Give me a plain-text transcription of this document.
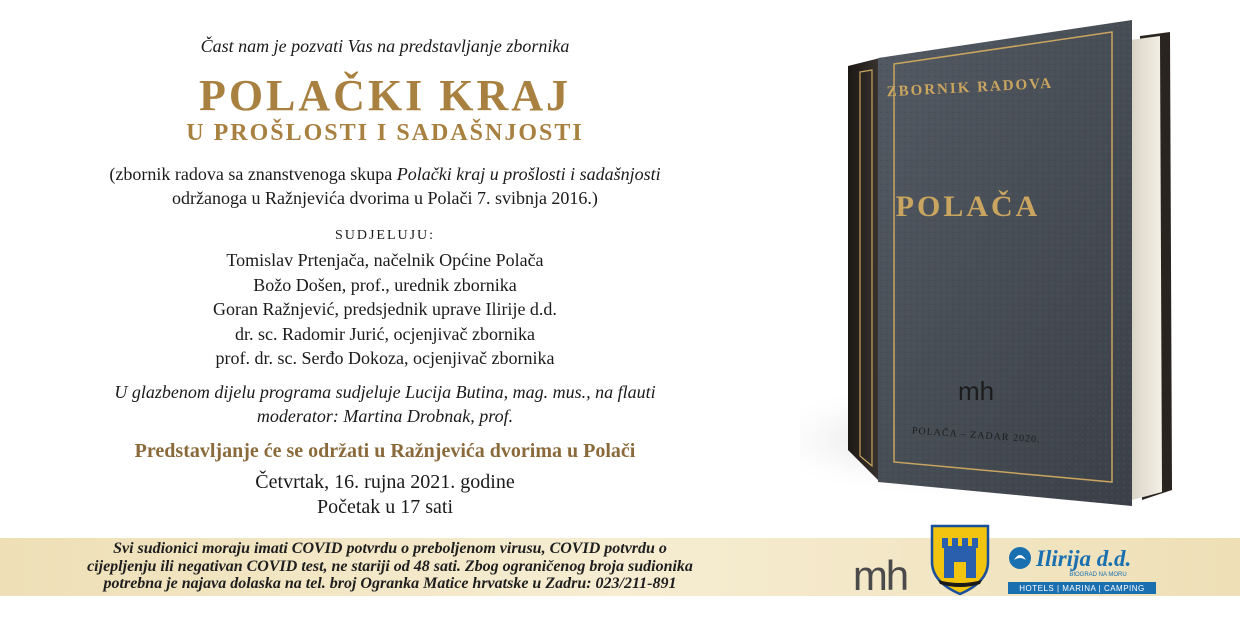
Čast nam je pozvati Vas na predstavljanje zbornika
POLAČKI KRAJ
U PROŠLOSTI I SADAŠNJOSTI
(zbornik radova sa znanstvenoga skupa Polački kraj u prošlosti i sadašnjosti
održanoga u Ražnjevića dvorima u Polači 7. svibnja 2016.)
SUDJELUJU:
Tomislav Prtenjača, načelnik Općine Polača
Božo Došen, prof., urednik zbornika
Goran Ražnjević, predsjednik uprave Ilirije d.d.
dr. sc. Radomir Jurić, ocjenjivač zbornika
prof. dr. sc. Serđo Dokoza, ocjenjivač zbornika
U glazbenom dijelu programa sudjeluje Lucija Butina, mag. mus., na flauti
moderator: Martina Drobnak, prof.
Predstavljanje će se održati u Ražnjevića dvorima u Polači
Četvrtak, 16. rujna 2021. godine
Početak u 17 sati
ZBORNIK RADOVA
POLAČA
mh
POLAČA – ZADAR 2020.
Svi sudionici moraju imati COVID potvrdu o preboljenom virusu, COVID potvrdu o
cijepljenju ili negativan COVID test, ne stariji od 48 sati. Zbog ograničenog broja sudionika
potrebna je najava dolaska na tel. broj Ogranka Matice hrvatske u Zadru: 023/211-891	mh	Ilirija d.d.
BIOGRAD NA MORU
HOTELS | MARINA | CAMPING
